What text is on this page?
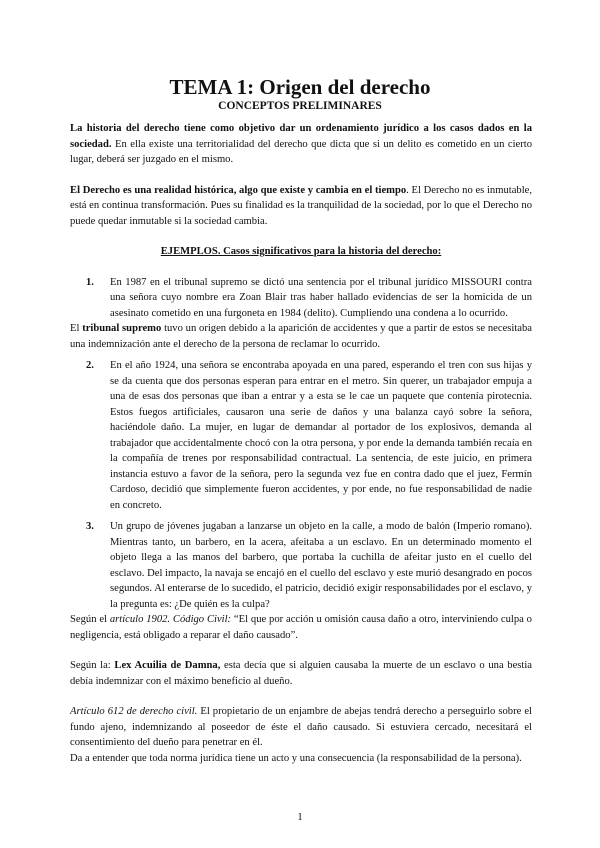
TEMA 1: Origen del derecho
CONCEPTOS PRELIMINARES

La historia del derecho tiene como objetivo dar un ordenamiento jurídico a los casos dados en la sociedad. En ella existe una territorialidad del derecho que dicta que si un delito es cometido en un cierto lugar, deberá ser juzgado en el mismo.

El Derecho es una realidad histórica, algo que existe y cambia en el tiempo. El Derecho no es inmutable, está en continua transformación. Pues su finalidad es la tranquilidad de la sociedad, por lo que el Derecho no puede quedar inmutable si la sociedad cambia.

EJEMPLOS. Casos significativos para la historia del derecho:

1. En 1987 en el tribunal supremo se dictó una sentencia por el tribunal jurídico MISSOURI contra una señora cuyo nombre era Zoan Blair tras haber hallado evidencias de ser la homicida de un asesinato cometido en una furgoneta en 1984 (delito). Cumpliendo una condena a lo ocurrido.

El tribunal supremo tuvo un origen debido a la aparición de accidentes y que a partir de estos se necesitaba una indemnización ante el derecho de la persona de reclamar lo ocurrido.

2. En el año 1924, una señora se encontraba apoyada en una pared, esperando el tren con sus hijas y se da cuenta que dos personas esperan para entrar en el metro. Sin querer, un trabajador empuja a una de esas dos personas que iban a entrar y a esta se le cae un paquete que contenía pirotecnia. Estos fuegos artificiales, causaron una serie de daños y una balanza cayó sobre la señora, haciéndole daño. La mujer, en lugar de demandar al portador de los explosivos, demanda al trabajador que accidentalmente chocó con la otra persona, y por ende la demanda también recaía en la compañía de trenes por responsabilidad contractual. La sentencia, de este juicio, en primera instancia estuvo a favor de la señora, pero la segunda vez fue en contra dado que el juez, Fermín Cardoso, decidió que simplemente fueron accidentes, y por ende, no fue responsabilidad de nadie en concreto.

3. Un grupo de jóvenes jugaban a lanzarse un objeto en la calle, a modo de balón (Imperio romano). Mientras tanto, un barbero, en la acera, afeitaba a un esclavo. En un determinado momento el objeto llega a las manos del barbero, que portaba la cuchilla de afeitar justo en el cuello del esclavo. Del impacto, la navaja se encajó en el cuello del esclavo y este murió desangrado en pocos segundos. Al enterarse de lo sucedido, el patricio, decidió exigir responsabilidades por el esclavo, y la pregunta es: ¿De quién es la culpa?

Según el artículo 1902. Código Civil: “El que por acción u omisión causa daño a otro, interviniendo culpa o negligencia, está obligado a reparar el daño causado”.

Según la: Lex Acuilia de Damna, esta decía que si alguien causaba la muerte de un esclavo o una bestia debía indemnizar con el máximo beneficio al dueño.

Artículo 612 de derecho civil. El propietario de un enjambre de abejas tendrá derecho a perseguirlo sobre el fundo ajeno, indemnizando al poseedor de éste el daño causado. Si estuviera cercado, necesitará el consentimiento del dueño para penetrar en él.

Da a entender que toda norma jurídica tiene un acto y una consecuencia (la responsabilidad de la persona).

1
